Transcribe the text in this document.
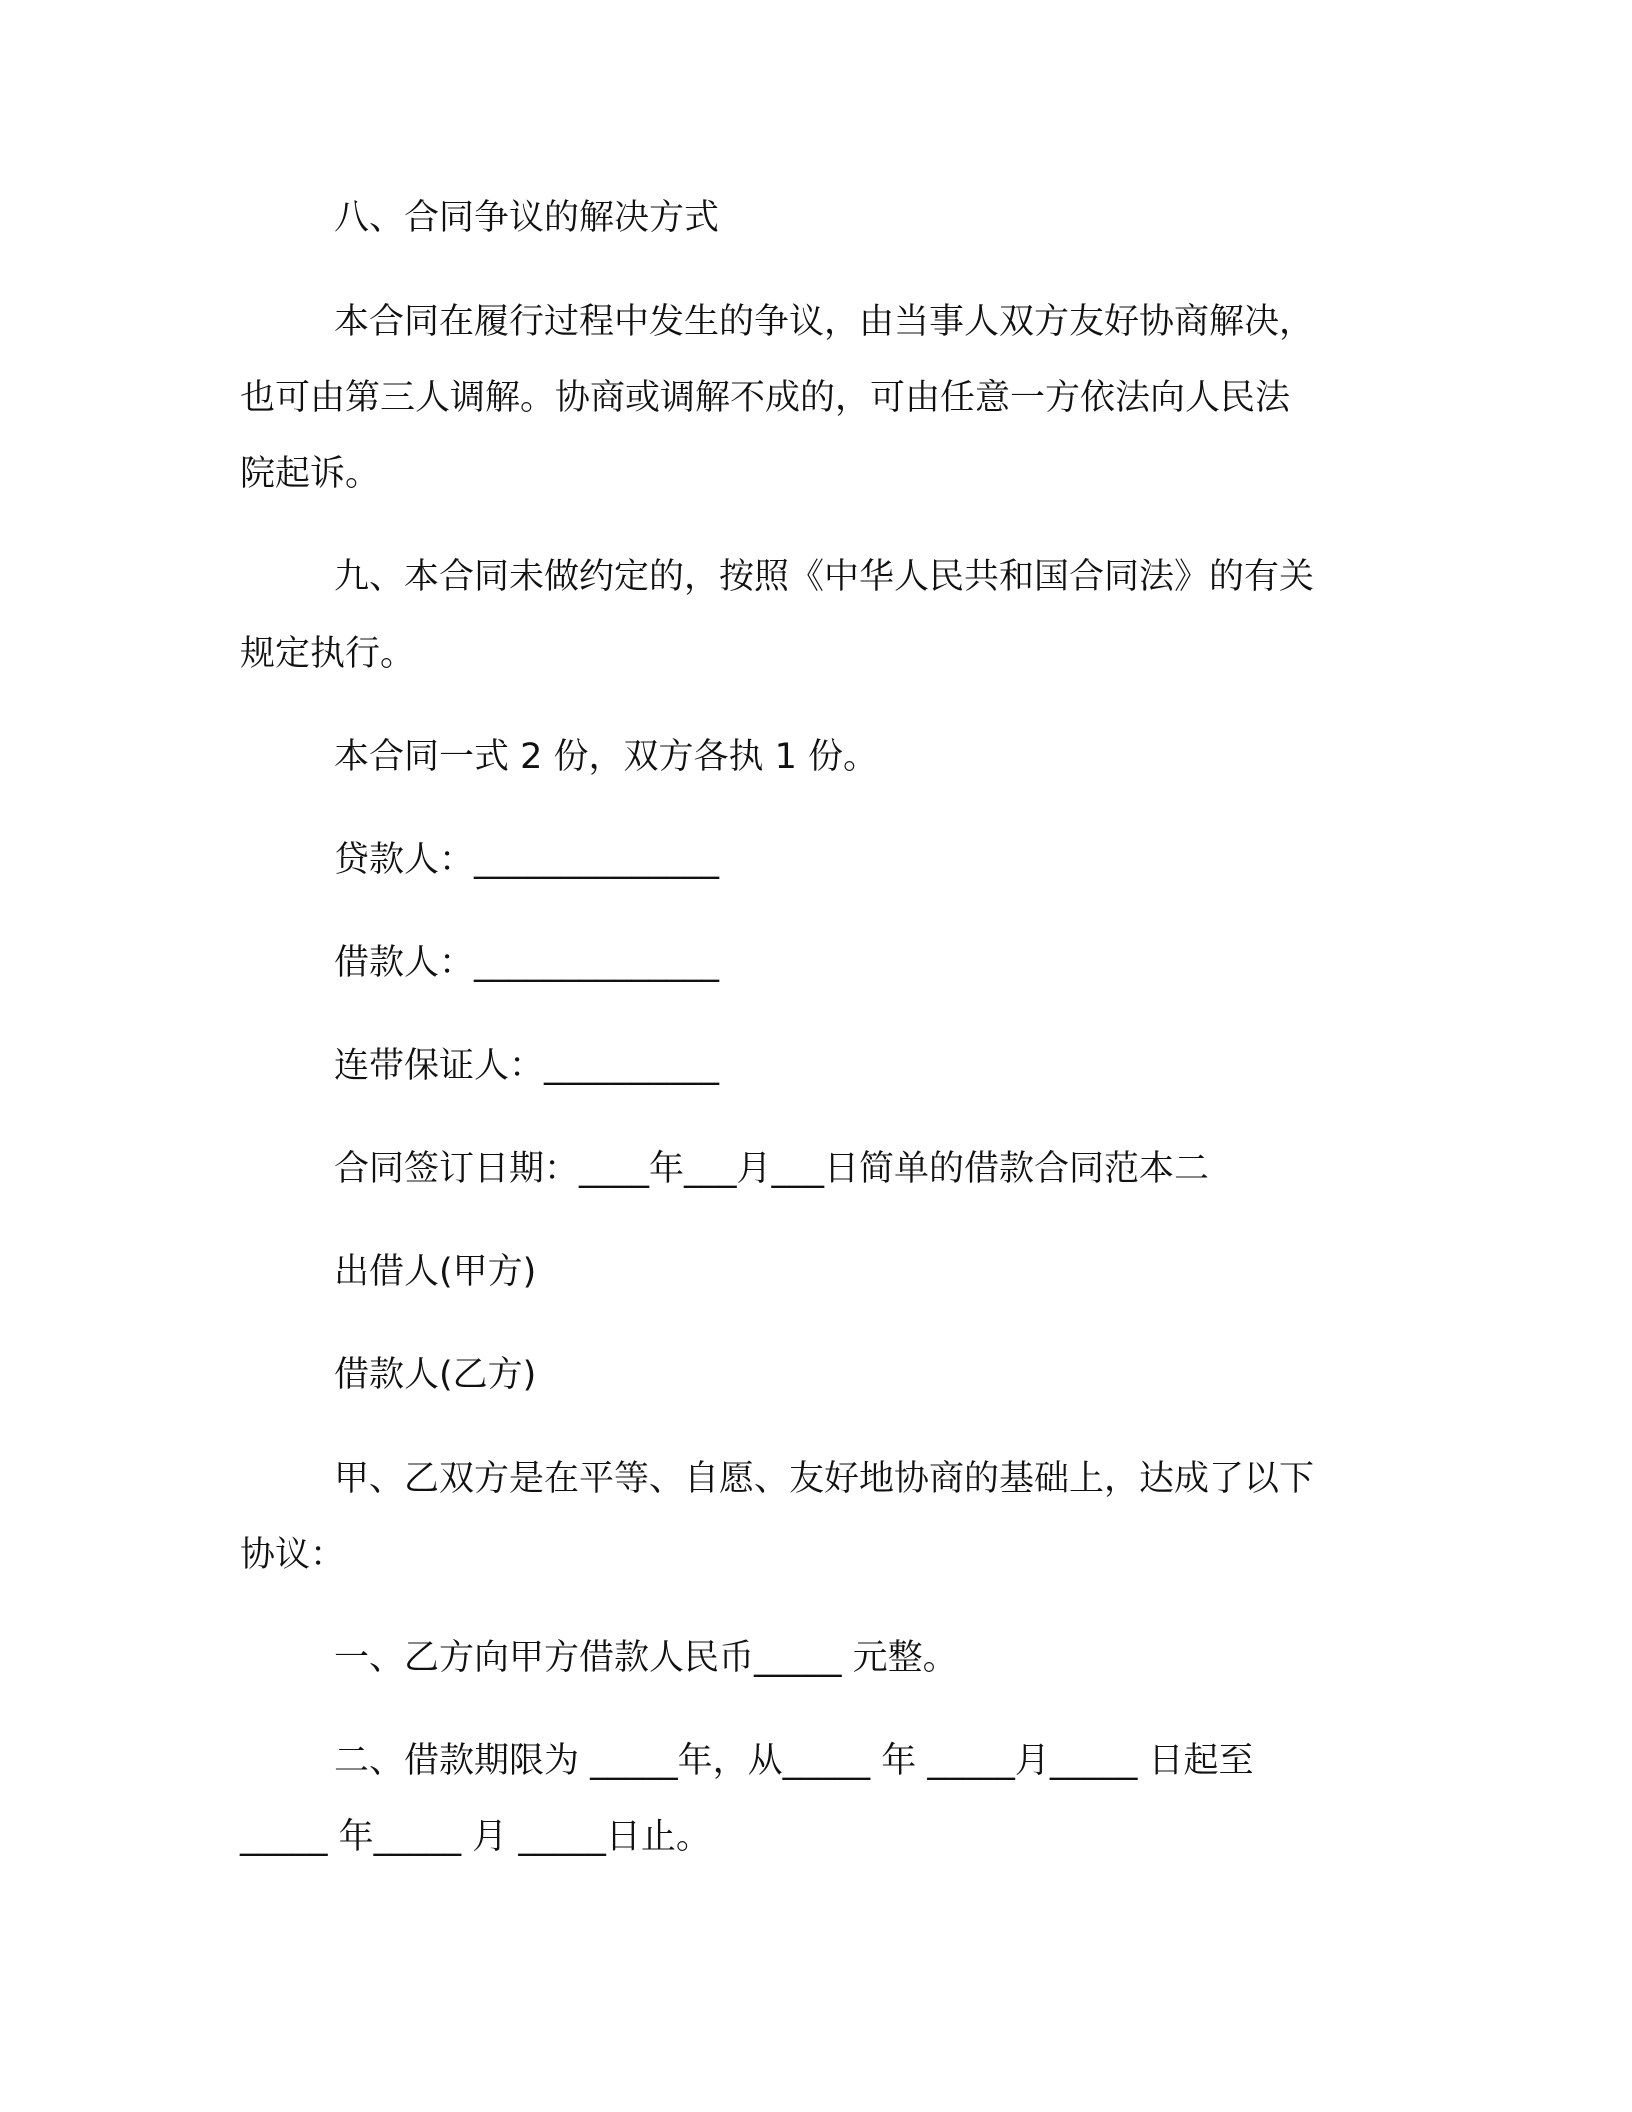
八、合同争议的解决方式
本合同在履行过程中发生的争议，由当事人双方友好协商解决，
也可由第三人调解。协商或调解不成的，可由任意一方依法向人民法
院起诉。
九、本合同未做约定的，按照《中华人民共和国合同法》的有关
规定执行。
本合同一式 2 份，双方各执 1 份。
贷款人：______________
借款人：______________
连带保证人：__________
合同签订日期：____年___月___日简单的借款合同范本二
出借人(甲方)
借款人(乙方)
甲、乙双方是在平等、自愿、友好地协商的基础上，达成了以下
协议：
一、乙方向甲方借款人民币_____ 元整。
二、借款期限为 _____年，从_____ 年 _____月_____ 日起至
_____ 年_____ 月 _____日止。
